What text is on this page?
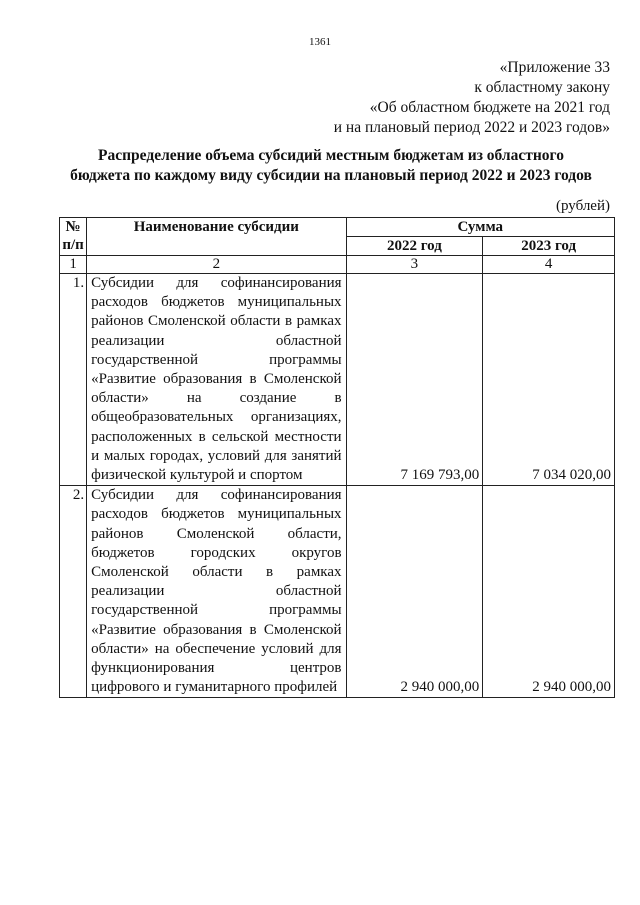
1361
«Приложение 33
к областному закону
«Об областном бюджете на 2021 год
и на плановый период 2022 и 2023 годов»
Распределение объема субсидий местным бюджетам из областного
бюджета по каждому виду субсидии на плановый период 2022 и 2023 годов
(рублей)
№
п/п	Наименование субсидии	Сумма	
		2022 год	2023 год
1	2	3	4
1.	Субсидии для софинансирования расходов бюджетов муниципальных районов Смоленской области в рамках реализации областной государственной программы «Развитие образования в Смоленской области» на создание в общеобразовательных организациях, расположенных в сельской местности и малых городах, условий для занятий физической культурой и спортом	7 169 793,00	7 034 020,00
2.	Субсидии для софинансирования расходов бюджетов муниципальных районов Смоленской области, бюджетов городских округов Смоленской области в рамках реализации областной государственной программы «Развитие образования в Смоленской области» на обеспечение условий для функционирования центров цифрового и гуманитарного профилей	2 940 000,00	2 940 000,00
